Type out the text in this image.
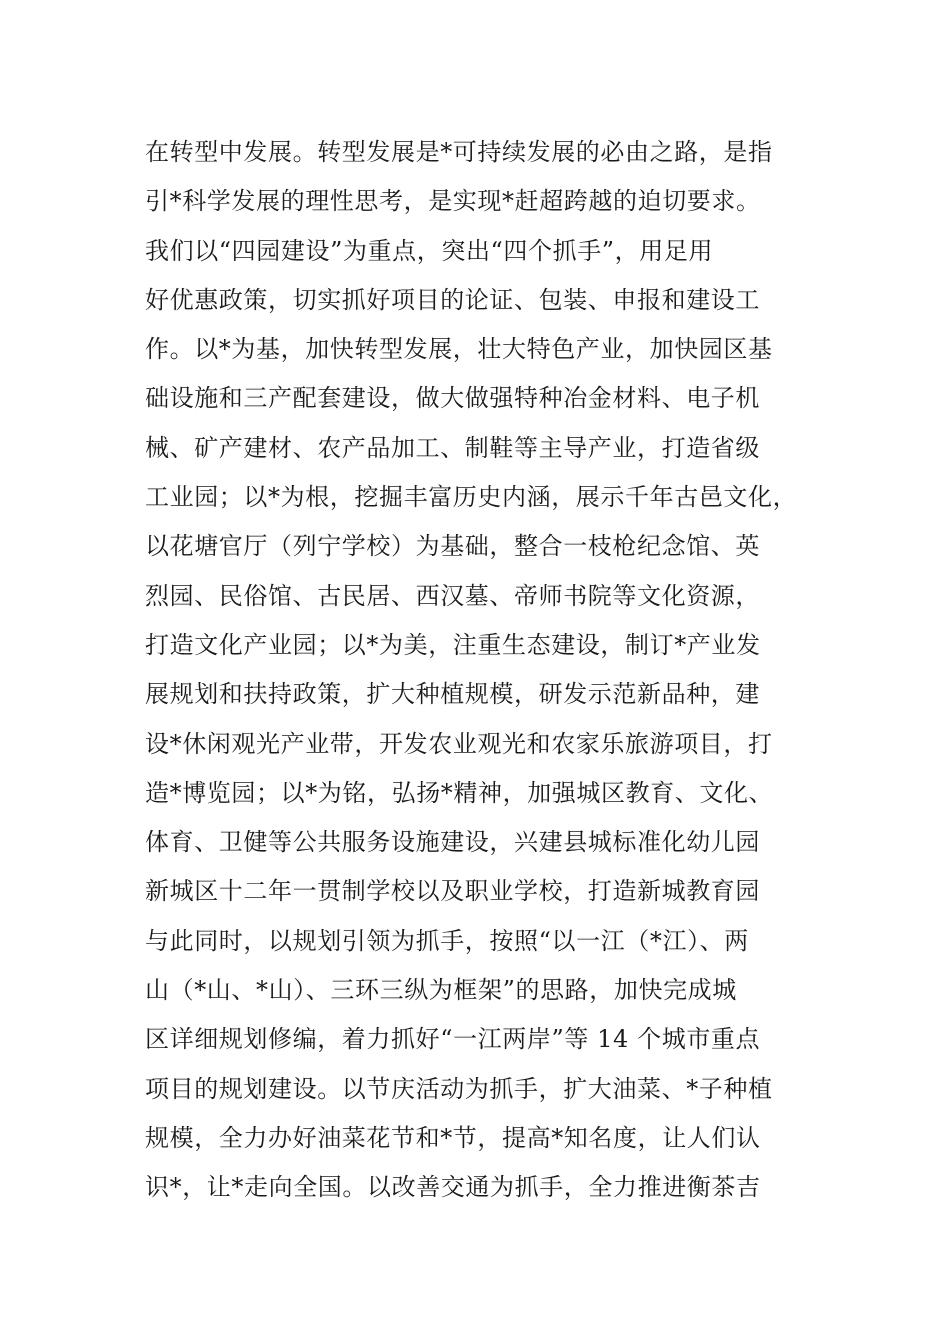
在转型中发展。转型发展是*可持续发展的必由之路，是指
引*科学发展的理性思考，是实现*赶超跨越的迫切要求。
我们以“四园建设”为重点，突出“四个抓手”，用足用
好优惠政策，切实抓好项目的论证、包装、申报和建设工
作。以*为基，加快转型发展，壮大特色产业，加快园区基
础设施和三产配套建设，做大做强特种冶金材料、电子机
械、矿产建材、农产品加工、制鞋等主导产业，打造省级
工业园；以*为根，挖掘丰富历史内涵，展示千年古邑文化，
以花塘官厅（列宁学校）为基础，整合一枝枪纪念馆、英
烈园、民俗馆、古民居、西汉墓、帝师书院等文化资源，
打造文化产业园；以*为美，注重生态建设，制订*产业发
展规划和扶持政策，扩大种植规模，研发示范新品种，建
设*休闲观光产业带，开发农业观光和农家乐旅游项目，打
造*博览园；以*为铭，弘扬*精神，加强城区教育、文化、
体育、卫健等公共服务设施建设，兴建县城标准化幼儿园
新城区十二年一贯制学校以及职业学校，打造新城教育园
与此同时，以规划引领为抓手，按照“以一江（*江）、两
山（*山、*山）、三环三纵为框架”的思路，加快完成城
区详细规划修编，着力抓好“一江两岸”等 14 个城市重点
项目的规划建设。以节庆活动为抓手，扩大油菜、*子种植
规模，全力办好油菜花节和*节，提高*知名度，让人们认
识*，让*走向全国。以改善交通为抓手，全力推进衡茶吉
